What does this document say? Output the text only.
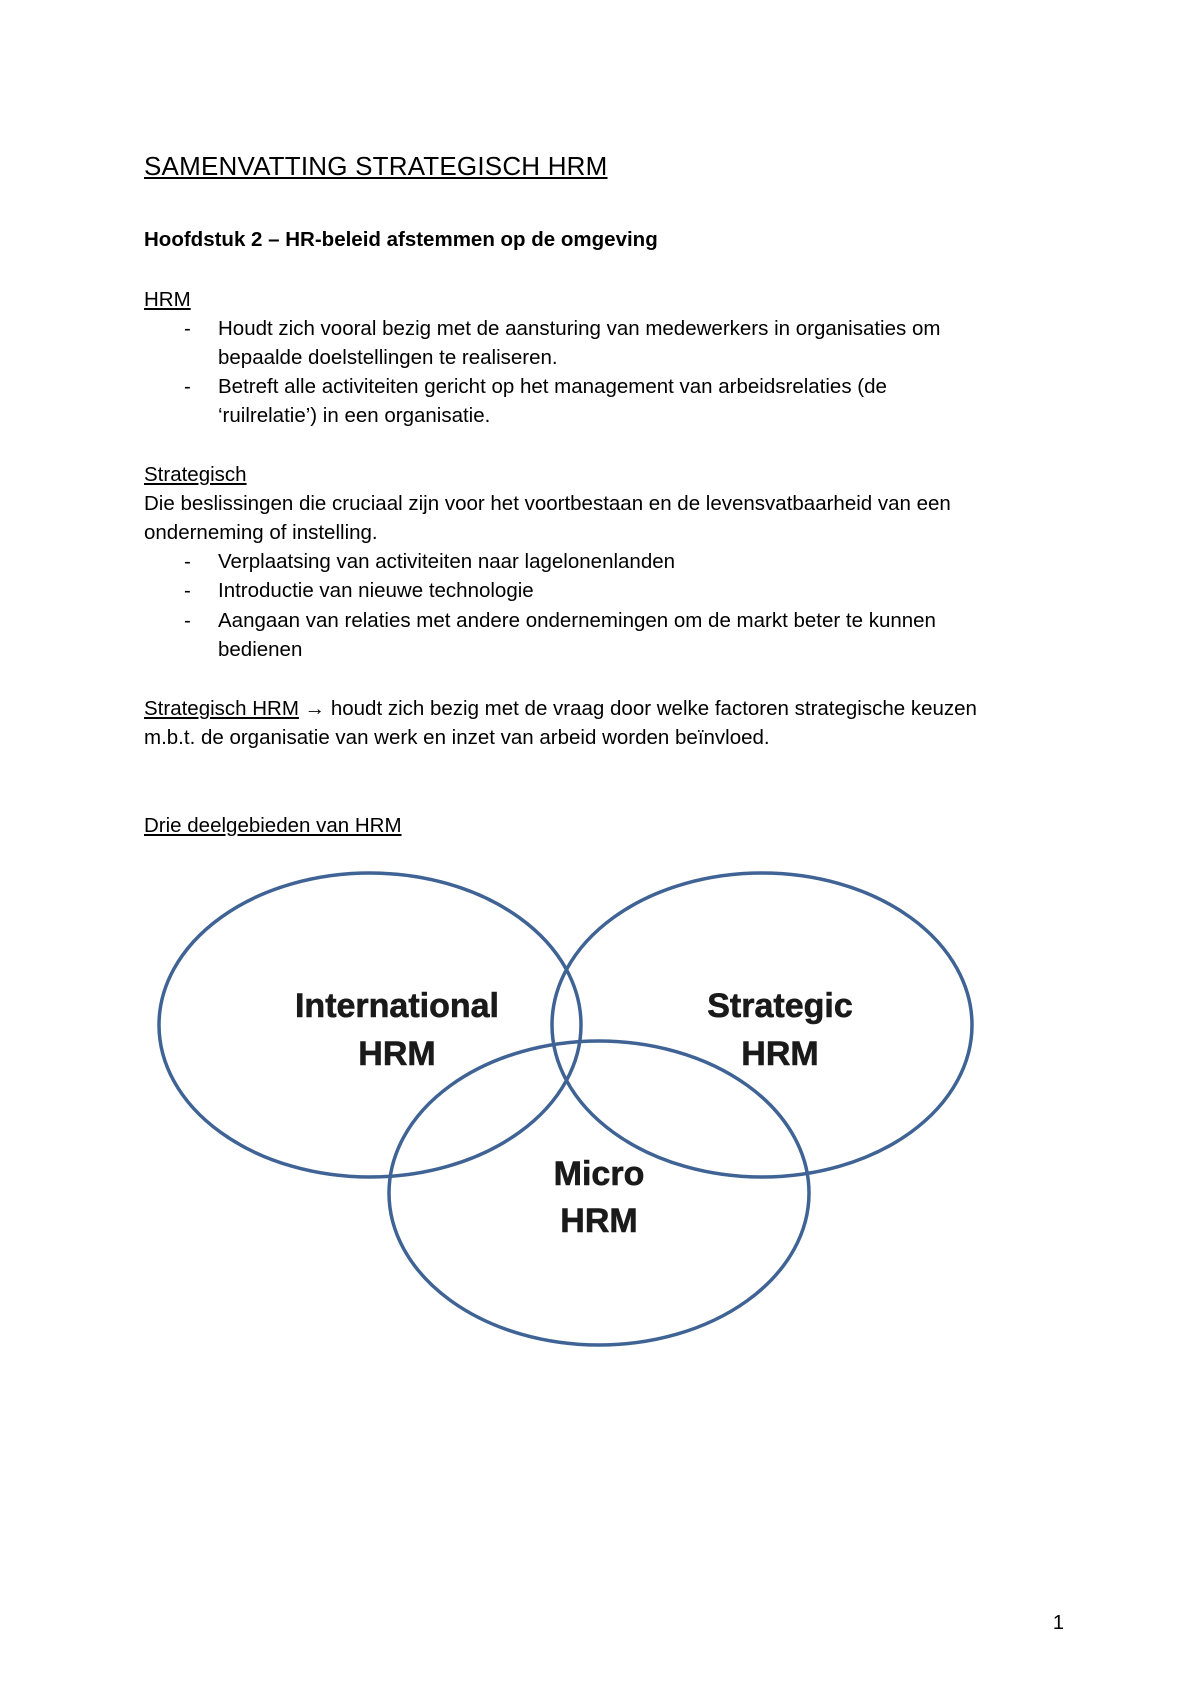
SAMENVATTING STRATEGISCH HRM
Hoofdstuk 2 – HR-beleid afstemmen op de omgeving
HRM
- Houdt zich vooral bezig met de aansturing van medewerkers in organisaties om
bepaalde doelstellingen te realiseren.
- Betreft alle activiteiten gericht op het management van arbeidsrelaties (de
‘ruilrelatie’) in een organisatie.
Strategisch
Die beslissingen die cruciaal zijn voor het voortbestaan en de levensvatbaarheid van een
onderneming of instelling.
- Verplaatsing van activiteiten naar lagelonenlanden
- Introductie van nieuwe technologie
- Aangaan van relaties met andere ondernemingen om de markt beter te kunnen
bedienen
Strategisch HRM → houdt zich bezig met de vraag door welke factoren strategische keuzen
m.b.t. de organisatie van werk en inzet van arbeid worden beïnvloed.
Drie deelgebieden van HRM
International
HRM
Strategic
HRM
Micro
HRM
1
